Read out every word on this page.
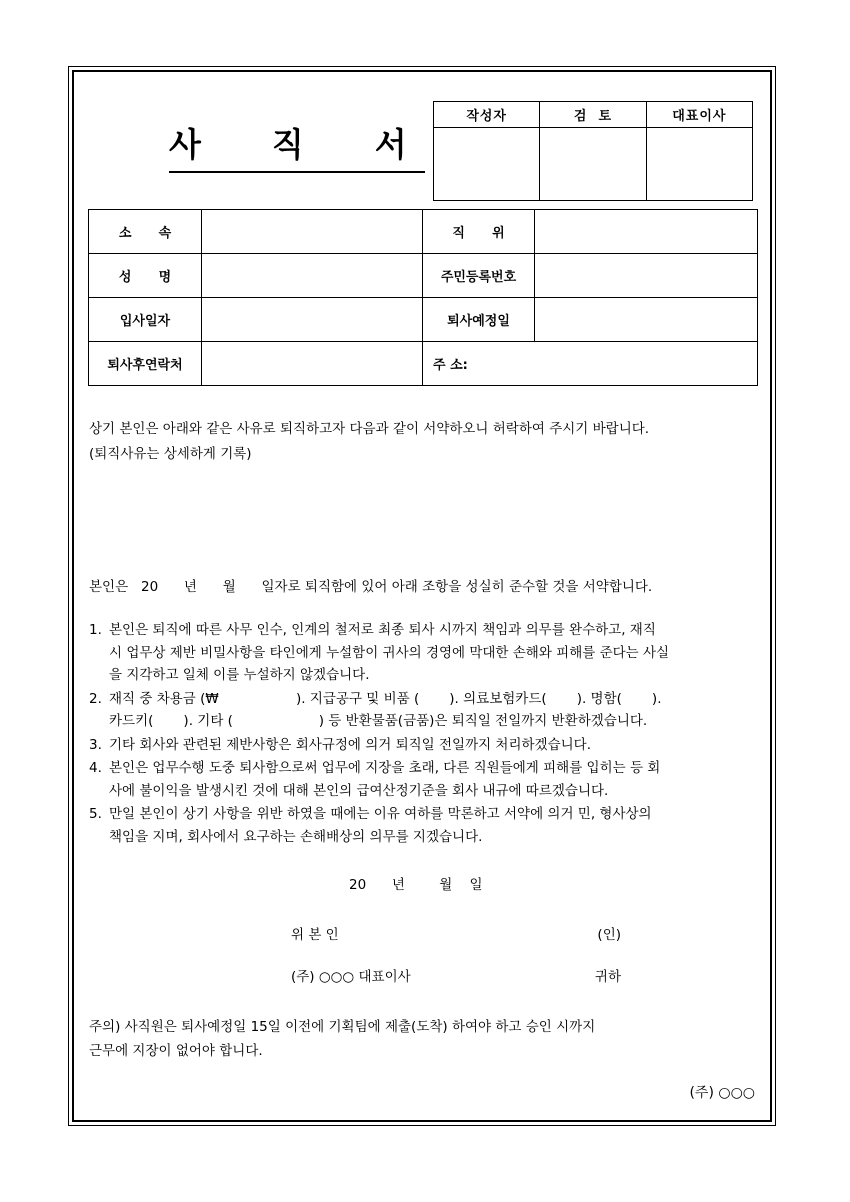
사  직  서
작성자	검  토	대표이사

소      속		직      위	
성      명		주민등록번호	
입사일자		퇴사예정일	
퇴사후연락처		주 소:	
상기 본인은 아래와 같은 사유로 퇴직하고자 다음과 같이 서약하오니 허락하여 주시기 바랍니다.
(퇴직사유는 상세하게 기록)
본인은   20      년      월      일자로 퇴직함에 있어 아래 조항을 성실히 준수할 것을 서약합니다.
1. 본인은 퇴직에 따른 사무 인수, 인계의 철저로 최종 퇴사 시까지 책임과 의무를 완수하고, 재직
시 업무상 제반 비밀사항을 타인에게 누설함이 귀사의 경영에 막대한 손해와 피해를 준다는 사실
을 지각하고 일체 이를 누설하지 않겠습니다.
2. 재직 중 차용금 (₩                  ). 지급공구 및 비품 (       ). 의료보험카드(       ). 명함(       ).
카드키(       ). 기타 (                    ) 등 반환물품(금품)은 퇴직일 전일까지 반환하겠습니다.
3. 기타 회사와 관련된 제반사항은 회사규정에 의거 퇴직일 전일까지 처리하겠습니다.
4. 본인은 업무수행 도중 퇴사함으로써 업무에 지장을 초래, 다른 직원들에게 피해를 입히는 등 회
사에 불이익을 발생시킨 것에 대해 본인의 급여산정기준을 회사 내규에 따르겠습니다.
5. 만일 본인이 상기 사항을 위반 하였을 때에는 이유 여하를 막론하고 서약에 의거 민, 형사상의
책임을 지며, 회사에서 요구하는 손해배상의 의무를 지겠습니다.
20      년        월    일
위 본 인	(인)
(주) ○○○ 대표이사	귀하
주의) 사직원은 퇴사예정일 15일 이전에 기획팀에 제출(도착) 하여야 하고 승인 시까지
근무에 지장이 없어야 합니다.
(주) ○○○
